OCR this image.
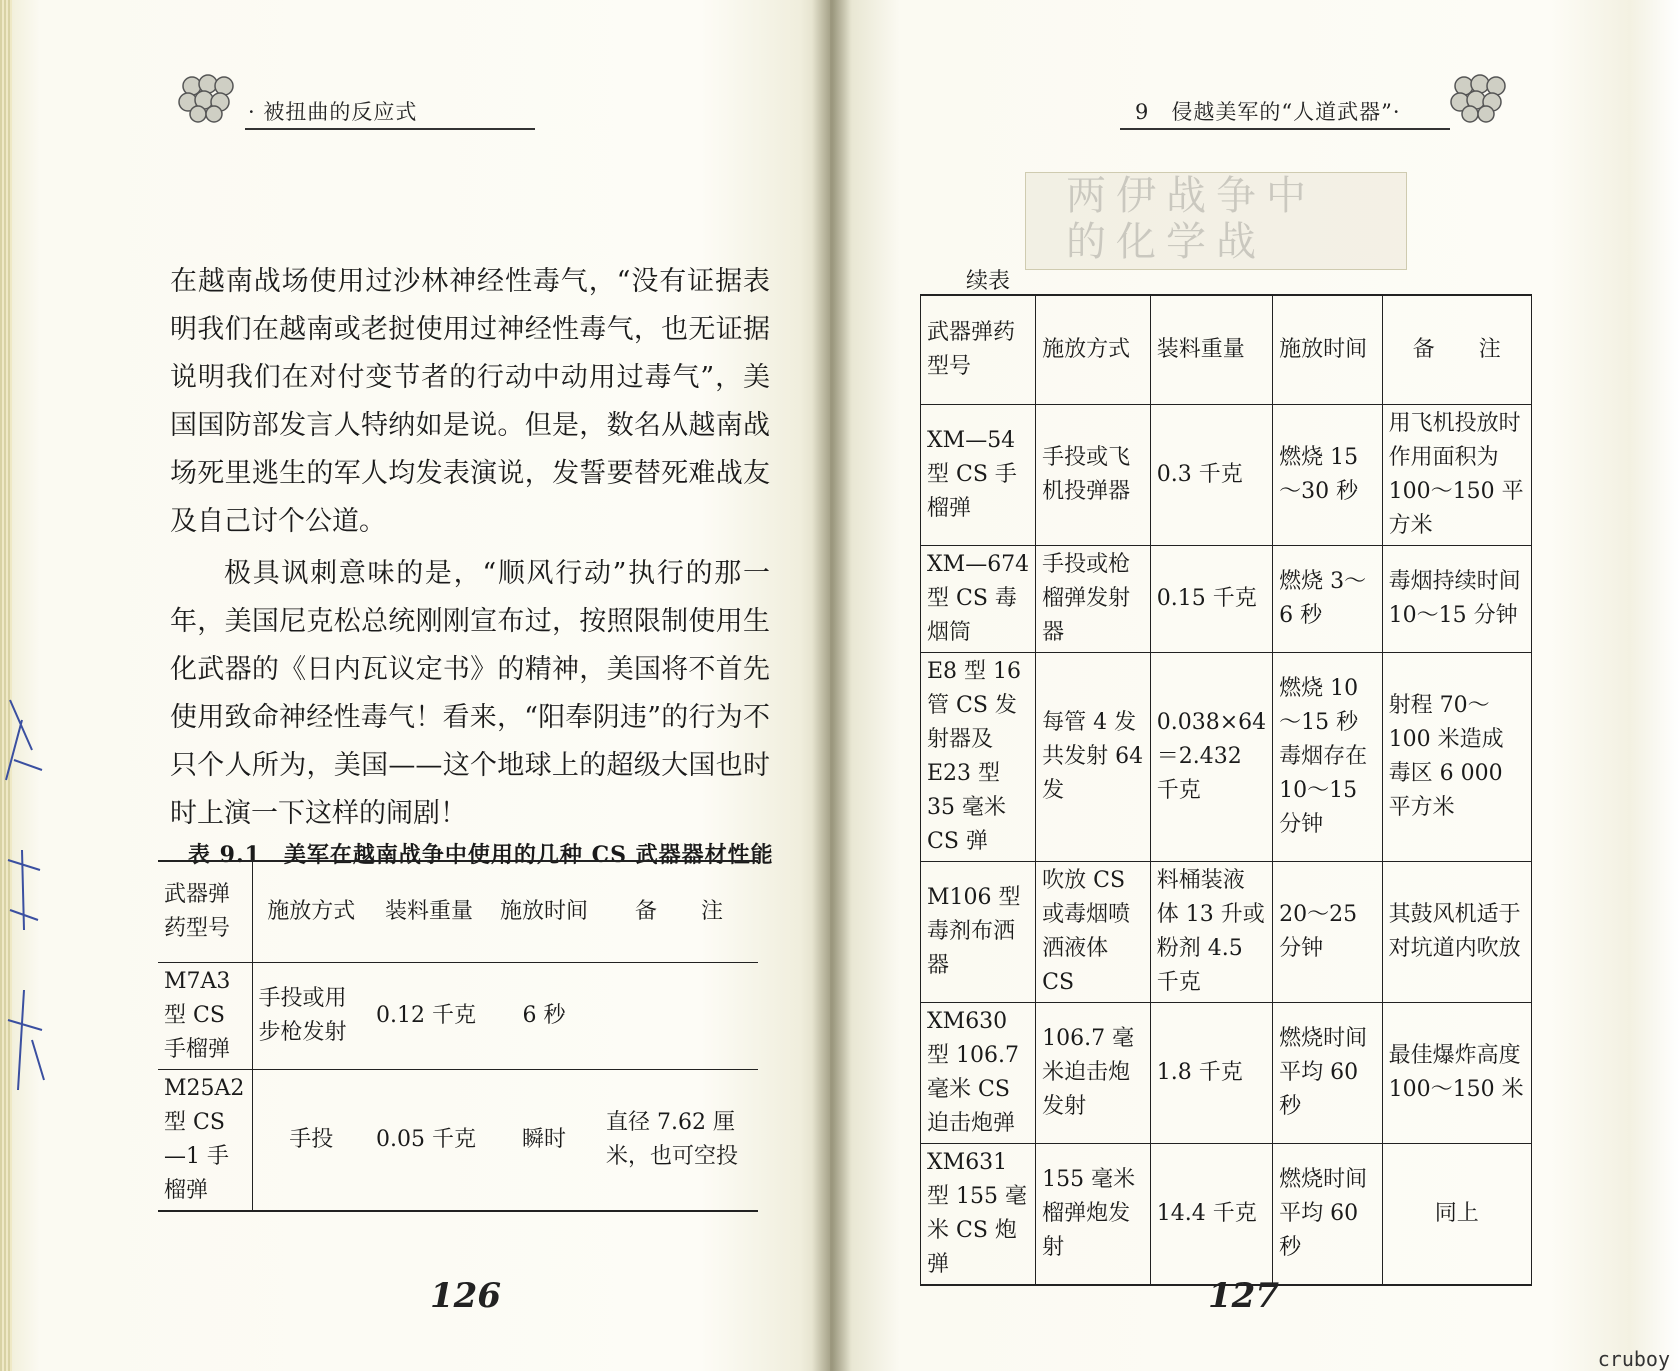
· 被扭曲的反应式

在越南战场使用过沙林神经性毒气，“没有证据表明我们在越南或老挝使用过神经性毒气，也无证据说明我们在对付变节者的行动中动用过毒气”，美国国防部发言人特纳如是说。但是，数名从越南战场死里逃生的军人均发表演说，发誓要替死难战友及自己讨个公道。

极具讽刺意味的是，“顺风行动”执行的那一年，美国尼克松总统刚刚宣布过，按照限制使用生化武器的《日内瓦议定书》的精神，美国将不首先使用致命神经性毒气！看来，“阳奉阴违”的行为不只个人所为，美国——这个地球上的超级大国也时时上演一下这样的闹剧！

表 9.1　美军在越南战争中使用的几种 CS 武器器材性能
武器弹药型号	施放方式	装料重量	施放时间	备　　注
M7A3 型 CS 手榴弹	手投或用步枪发射	0.12 千克	6 秒	
M25A2 型 CS—1 手榴弹	手投	0.05 千克	瞬时	直径 7.62 厘米，也可空投
126
9　侵越美军的“人道武器”·
两伊战争中
的化学战
续表
武器弹药型号	施放方式	装料重量	施放时间	备　　注
XM—54 型 CS 手榴弹	手投或飞机投弹器	0.3 千克	燃烧 15～30 秒	用飞机投放时作用面积为 100～150 平方米
XM—674 型 CS 毒烟筒	手投或枪榴弹发射器	0.15 千克	燃烧 3～6 秒	毒烟持续时间 10～15 分钟
E8 型 16 管 CS 发射器及 E23 型 35 毫米 CS 弹	每管 4 发共发射 64 发	0.038×64＝2.432 千克	燃烧 10～15 秒毒烟存在 10～15 分钟	射程 70～100 米造成毒区 6 000 平方米
M106 型毒剂布洒器	吹放 CS 或毒烟喷洒液体 CS	料桶装液体 13 升或粉剂 4.5 千克	20～25 分钟	其鼓风机适于对坑道内吹放
XM630 型 106.7 毫米 CS 迫击炮弹	106.7 毫米迫击炮发射	1.8 千克	燃烧时间平均 60 秒	最佳爆炸高度 100～150 米
XM631 型 155 毫米 CS 炮弹	155 毫米榴弹炮发射	14.4 千克	燃烧时间平均 60 秒	同上
127
cruboy
